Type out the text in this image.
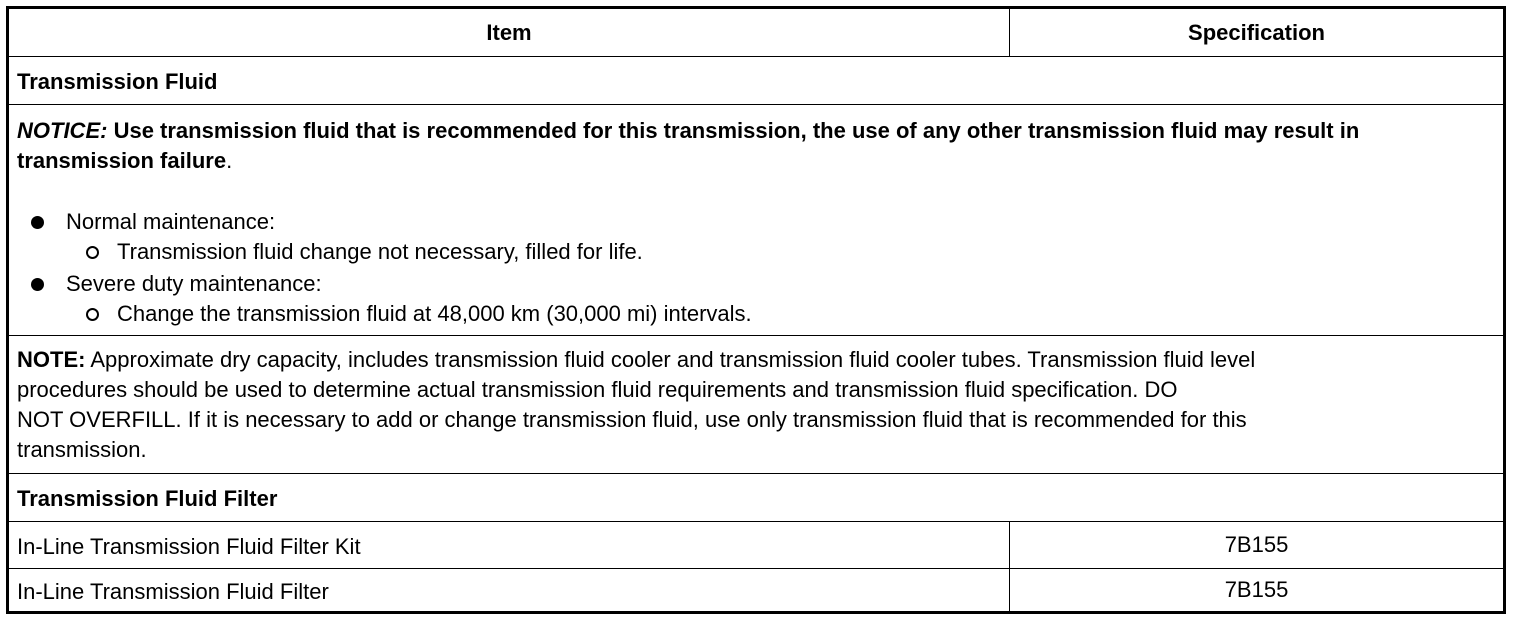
Item	Specification
Transmission Fluid
NOTICE: Use transmission fluid that is recommended for this transmission, the use of any other transmission fluid may result in transmission failure.
Normal maintenance:
Transmission fluid change not necessary, filled for life.
Severe duty maintenance:
Change the transmission fluid at 48,000 km (30,000 mi) intervals.
NOTE: Approximate dry capacity, includes transmission fluid cooler and transmission fluid cooler tubes. Transmission fluid level
procedures should be used to determine actual transmission fluid requirements and transmission fluid specification. DO
NOT OVERFILL. If it is necessary to add or change transmission fluid, use only transmission fluid that is recommended for this
transmission.
Transmission Fluid Filter
In-Line Transmission Fluid Filter Kit	7B155
In-Line Transmission Fluid Filter	7B155
